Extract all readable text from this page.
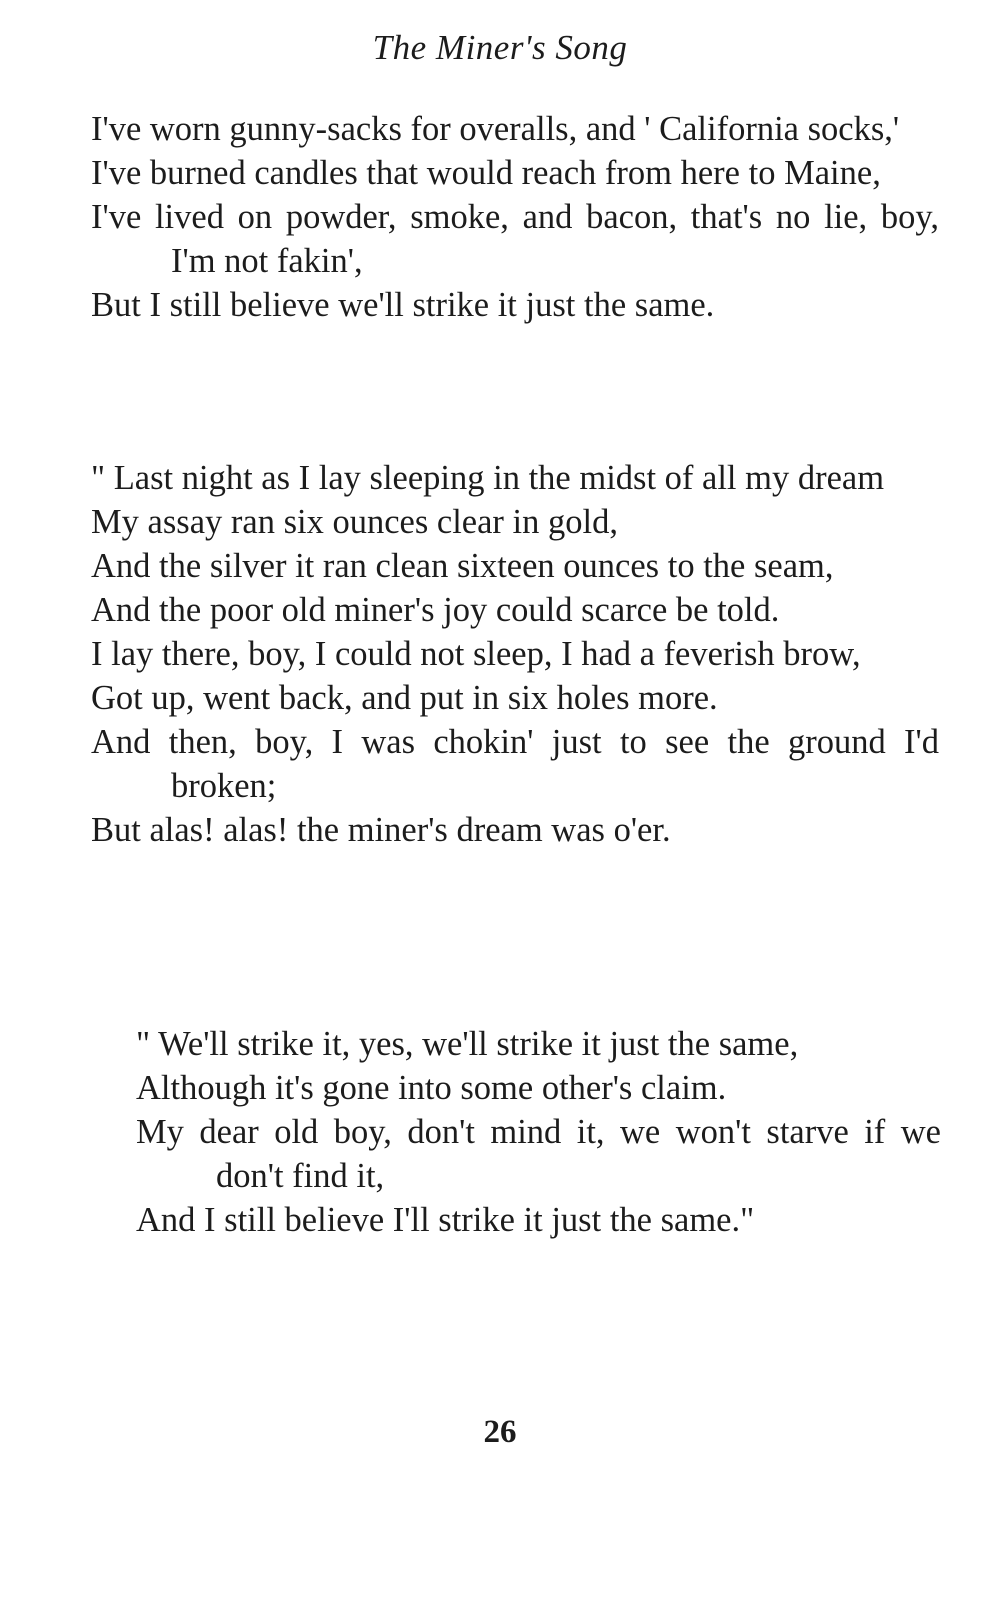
The Miner's Song

I've worn gunny-sacks for overalls, and ' California socks,'

I've burned candles that would reach from here to Maine,

I've lived on powder, smoke, and bacon, that's no lie, boy, I'm not fakin',

But I still believe we'll strike it just the same.

" Last night as I lay sleeping in the midst of all my dream

My assay ran six ounces clear in gold,

And the silver it ran clean sixteen ounces to the seam,

And the poor old miner's joy could scarce be told.

I lay there, boy, I could not sleep, I had a feverish brow,

Got up, went back, and put in six holes more.

And then, boy, I was chokin' just to see the ground I'd broken;

But alas! alas! the miner's dream was o'er.

" We'll strike it, yes, we'll strike it just the same,

Although it's gone into some other's claim.

My dear old boy, don't mind it, we won't starve if we don't find it,

And I still believe I'll strike it just the same."

26
